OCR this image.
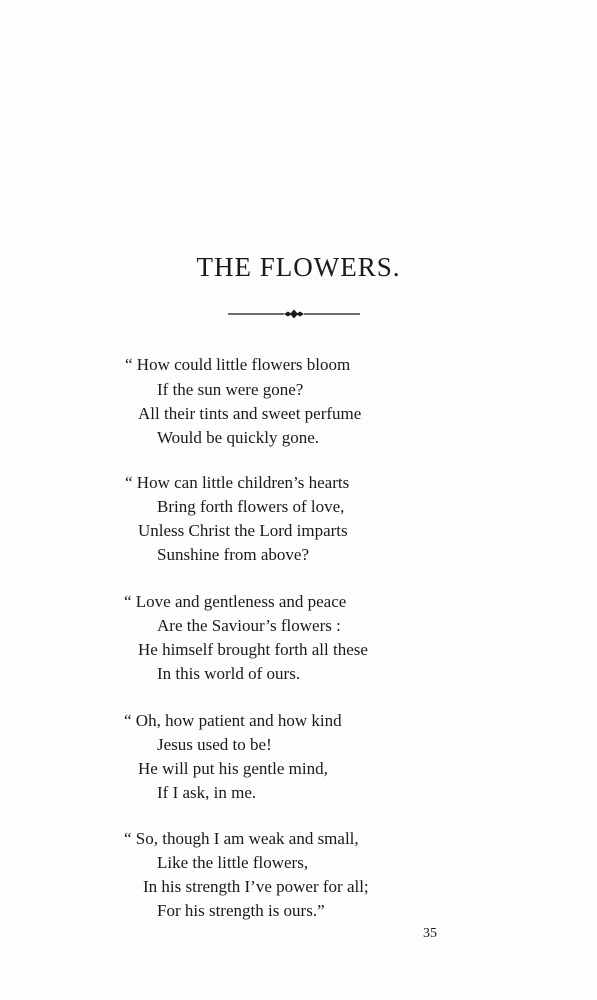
THE FLOWERS.
“ How could little flowers bloom
If the sun were gone?
All their tints and sweet perfume
Would be quickly gone.
“ How can little children’s hearts
Bring forth flowers of love,
Unless Christ the Lord imparts
Sunshine from above?
“ Love and gentleness and peace
Are the Saviour’s flowers :
He himself brought forth all these
In this world of ours.
“ Oh, how patient and how kind
Jesus used to be!
He will put his gentle mind,
If I ask, in me.
“ So, though I am weak and small,
Like the little flowers,
In his strength I’ve power for all;
For his strength is ours.”
35
